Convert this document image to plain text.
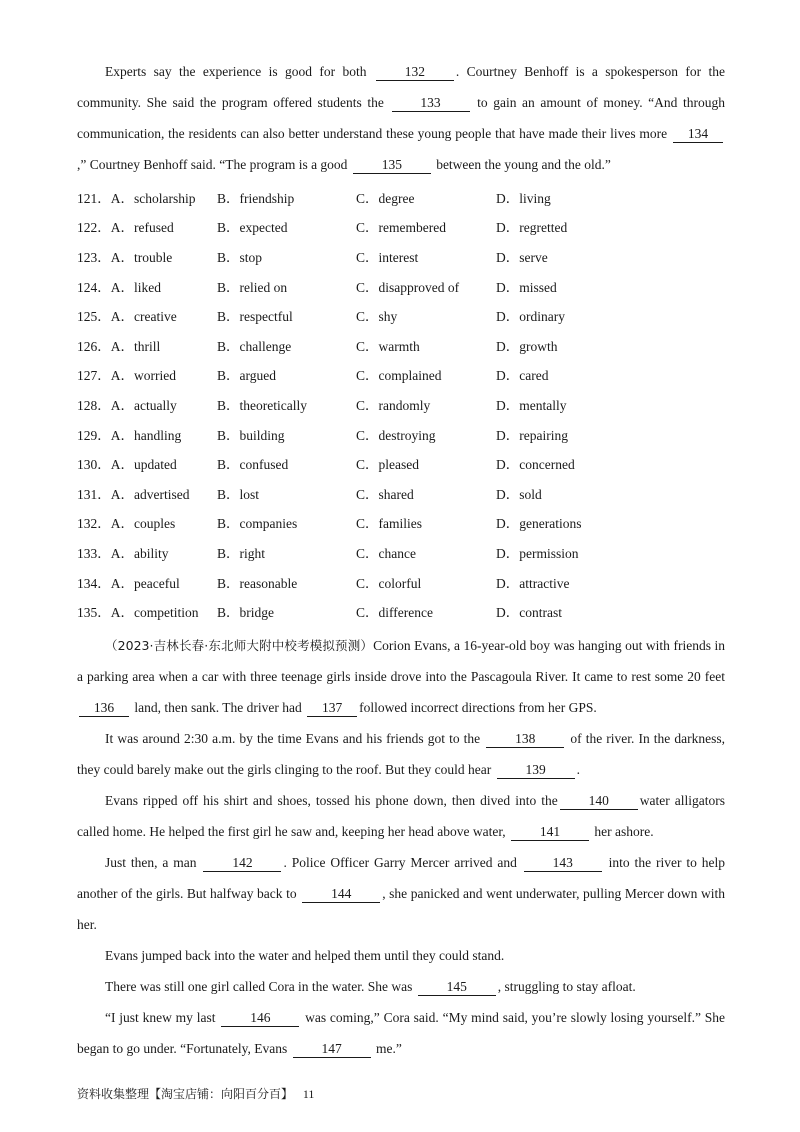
Experts say the experience is good for both 132 . Courtney Benhoff is a spokesperson for the community. She said the program offered students the 133 to gain an amount of money. “And through communication, the residents can also better understand these young people that have made their lives more 134,” Courtney Benhoff said. “The program is a good 135 between the young and the old.”

121．A．scholarship	B．friendship	C．degree	D．living
122．A．refused	B．expected	C．remembered	D．regretted
123．A．trouble	B．stop	C．interest	D．serve
124．A．liked	B．relied on	C．disapproved of	D．missed
125．A．creative	B．respectful	C．shy	D．ordinary
126．A．thrill	B．challenge	C．warmth	D．growth
127．A．worried	B．argued	C．complained	D．cared
128．A．actually	B．theoretically	C．randomly	D．mentally
129．A．handling	B．building	C．destroying	D．repairing
130．A．updated	B．confused	C．pleased	D．concerned
131．A．advertised	B．lost	C．shared	D．sold
132．A．couples	B．companies	C．families	D．generations
133．A．ability	B．right	C．chance	D．permission
134．A．peaceful	B．reasonable	C．colorful	D．attractive
135．A．competition	B．bridge	C．difference	D．contrast

（2023·吉林长春·东北师大附中校考模拟预测）Corion Evans, a 16-year-old boy was hanging out with friends in a parking area when a car with three teenage girls inside drove into the Pascagoula River. It came to rest some 20 feet 136 land, then sank. The driver had 137 followed incorrect directions from her GPS.

It was around 2:30 a.m. by the time Evans and his friends got to the 138 of the river. In the darkness, they could barely make out the girls clinging to the roof. But they could hear 139 .

Evans ripped off his shirt and shoes, tossed his phone down, then dived into the 140 water alligators called home. He helped the first girl he saw and, keeping her head above water, 141 her ashore.

Just then, a man 142 . Police Officer Garry Mercer arrived and 143 into the river to help another of the girls. But halfway back to 144 , she panicked and went underwater, pulling Mercer down with her.

Evans jumped back into the water and helped them until they could stand.

There was still one girl called Cora in the water. She was 145 , struggling to stay afloat.

“I just knew my last 146 was coming,” Cora said. “My mind said, you’re slowly losing yourself.” She began to go under. “Fortunately, Evans 147 me.”

资料收集整理【淘宝店铺：向阳百分百】 11
